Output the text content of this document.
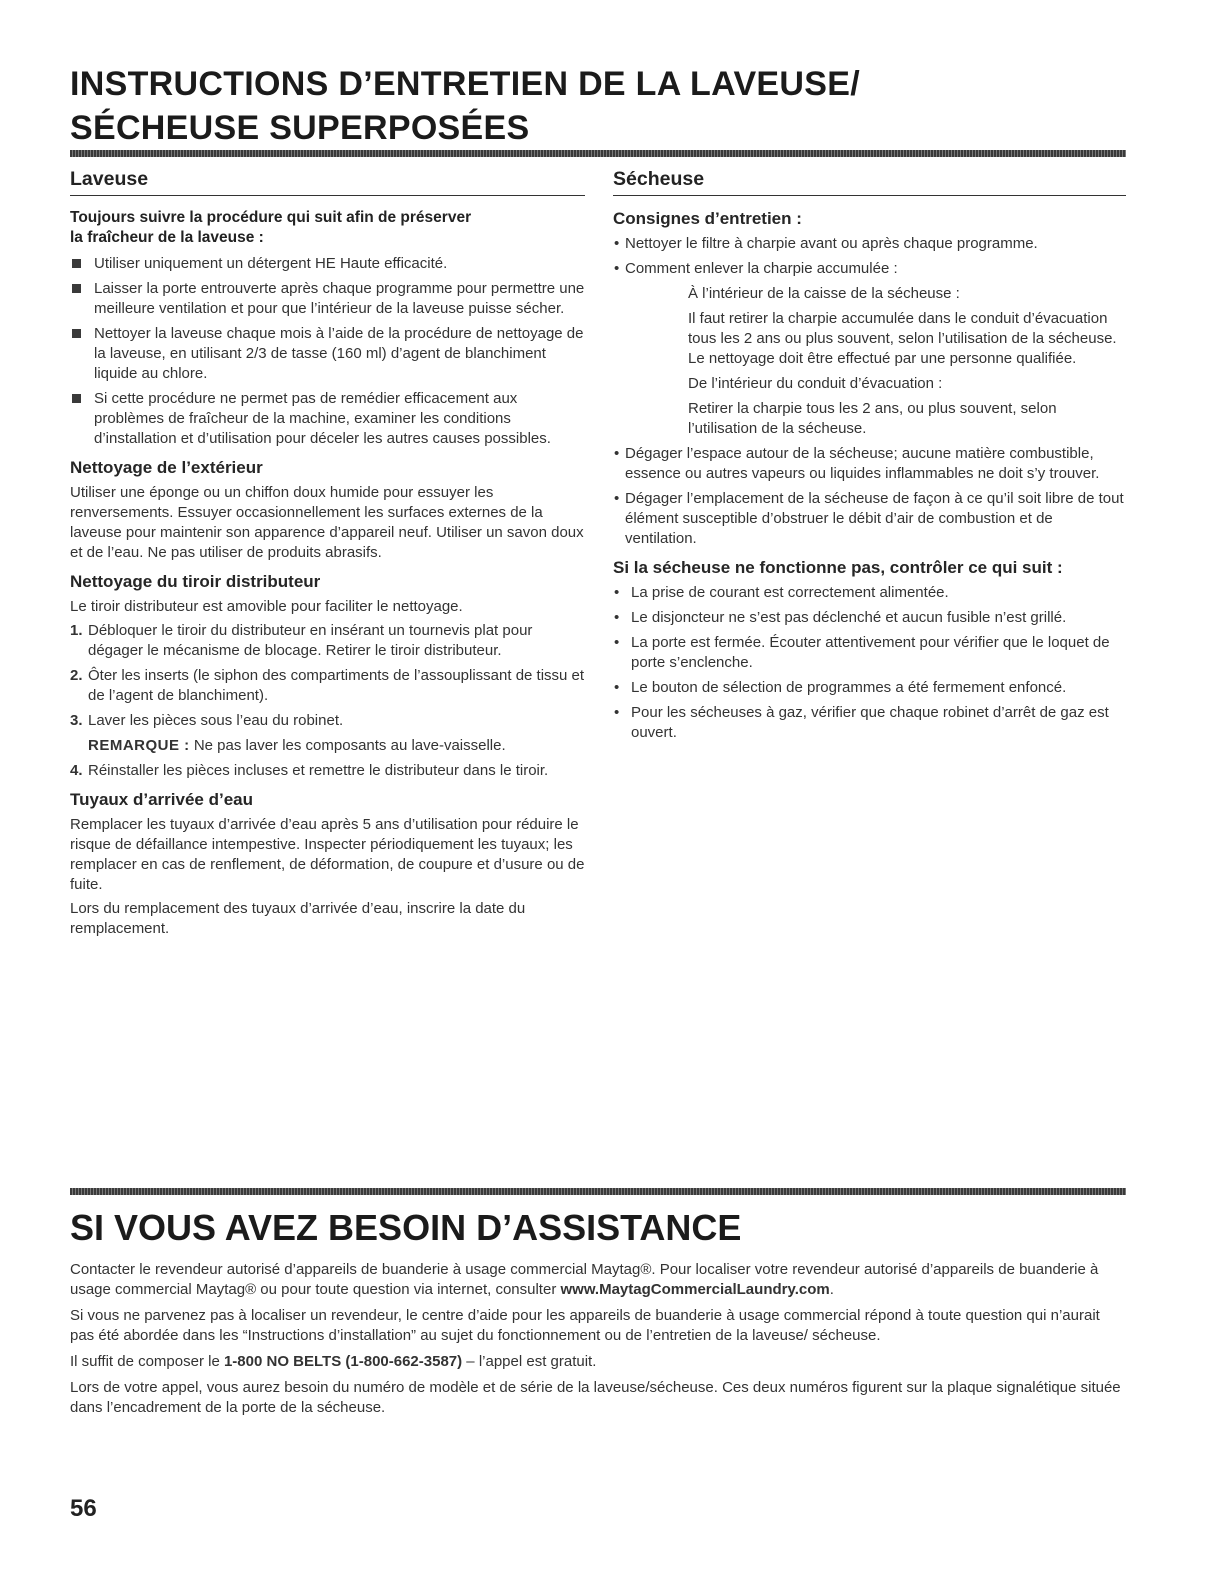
INSTRUCTIONS D’ENTRETIEN DE LA LAVEUSE/
SÉCHEUSE SUPERPOSÉES
Laveuse
Toujours suivre la procédure qui suit afin de préserver
la fraîcheur de la laveuse :
Utiliser uniquement un détergent HE Haute efficacité.
Laisser la porte entrouverte après chaque programme pour permettre une meilleure ventilation et pour que l’intérieur de la laveuse puisse sécher.
Nettoyer la laveuse chaque mois à l’aide de la procédure de nettoyage de la laveuse, en utilisant 2/3 de tasse (160 ml) d’agent de blanchiment liquide au chlore.
Si cette procédure ne permet pas de remédier efficacement aux problèmes de fraîcheur de la machine, examiner les conditions d’installation et d’utilisation pour déceler les autres causes possibles.
Nettoyage de l’extérieur

Utiliser une éponge ou un chiffon doux humide pour essuyer les renversements. Essuyer occasionnellement les surfaces externes de la laveuse pour maintenir son apparence d’appareil neuf. Utiliser un savon doux et de l’eau. Ne pas utiliser de produits abrasifs.

Nettoyage du tiroir distributeur

Le tiroir distributeur est amovible pour faciliter le nettoyage.

1. Débloquer le tiroir du distributeur en insérant un tournevis plat pour dégager le mécanisme de blocage. Retirer le tiroir distributeur.
2. Ôter les inserts (le siphon des compartiments de l’assouplissant de tissu et de l’agent de blanchiment).
3. Laver les pièces sous l’eau du robinet.
REMARQUE : Ne pas laver les composants au lave-vaisselle.
4. Réinstaller les pièces incluses et remettre le distributeur dans le tiroir.
Tuyaux d’arrivée d’eau

Remplacer les tuyaux d’arrivée d’eau après 5 ans d’utilisation pour réduire le risque de défaillance intempestive. Inspecter périodiquement les tuyaux; les remplacer en cas de renflement, de déformation, de coupure et d’usure ou de fuite.

Lors du remplacement des tuyaux d’arrivée d’eau, inscrire la date du remplacement.

Sécheuse
Consignes d’entretien :
• Nettoyer le filtre à charpie avant ou après chaque programme.
• Comment enlever la charpie accumulée :
À l’intérieur de la caisse de la sécheuse :
Il faut retirer la charpie accumulée dans le conduit d’évacuation tous les 2 ans ou plus souvent, selon l’utilisation de la sécheuse. Le nettoyage doit être effectué par une personne qualifiée.
De l’intérieur du conduit d’évacuation :
Retirer la charpie tous les 2 ans, ou plus souvent, selon l’utilisation de la sécheuse.
• Dégager l’espace autour de la sécheuse; aucune matière combustible, essence ou autres vapeurs ou liquides inflammables ne doit s’y trouver.
• Dégager l’emplacement de la sécheuse de façon à ce qu’il soit libre de tout élément susceptible d’obstruer le débit d’air de combustion et de ventilation.
Si la sécheuse ne fonctionne pas, contrôler ce qui suit :
• La prise de courant est correctement alimentée.
• Le disjoncteur ne s’est pas déclenché et aucun fusible n’est grillé.
• La porte est fermée. Écouter attentivement pour vérifier que le loquet de porte s’enclenche.
• Le bouton de sélection de programmes a été fermement enfoncé.
• Pour les sécheuses à gaz, vérifier que chaque robinet d’arrêt de gaz est ouvert.
SI VOUS AVEZ BESOIN D’ASSISTANCE

Contacter le revendeur autorisé d’appareils de buanderie à usage commercial Maytag®. Pour localiser votre revendeur autorisé d’appareils de buanderie à usage commercial Maytag® ou pour toute question via internet, consulter www.MaytagCommercialLaundry.com.

Si vous ne parvenez pas à localiser un revendeur, le centre d’aide pour les appareils de buanderie à usage commercial répond à toute question qui n’aurait pas été abordée dans les “Instructions d’installation” au sujet du fonctionnement ou de l’entretien de la laveuse/ sécheuse.

Il suffit de composer le 1-800 NO BELTS (1-800-662-3587) – l’appel est gratuit.

Lors de votre appel, vous aurez besoin du numéro de modèle et de série de la laveuse/sécheuse. Ces deux numéros figurent sur la plaque signalétique située dans l’encadrement de la porte de la sécheuse.

56
